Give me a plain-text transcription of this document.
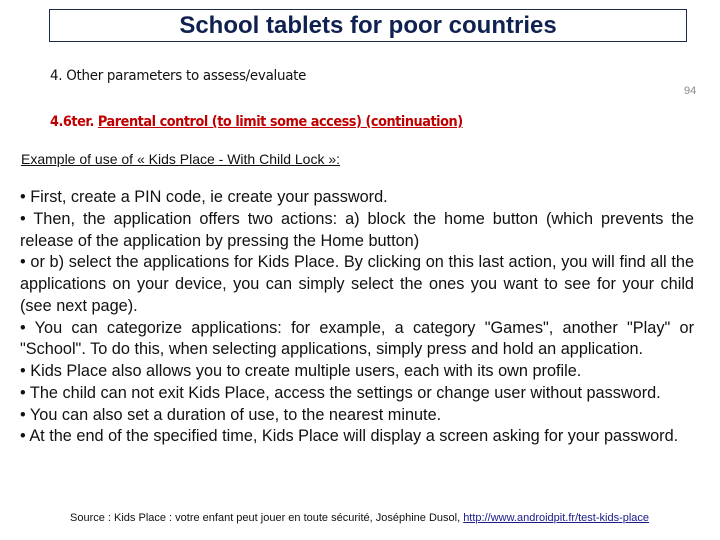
School tablets for poor countries
4. Other parameters to assess/evaluate
94
4.6ter. Parental control (to limit some access) (continuation)
Example of use of « Kids Place - With Child Lock »:

• First, create a PIN code, ie create your password.

• Then, the application offers two actions: a) block the home button (which prevents the release of the application by pressing the Home button)

• or b) select the applications for Kids Place. By clicking on this last action, you will find all the applications on your device, you can simply select the ones you want to see for your child (see next page).

• You can categorize applications: for example, a category "Games", another "Play" or "School". To do this, when selecting applications, simply press and hold an application.

• Kids Place also allows you to create multiple users, each with its own profile.

• The child can not exit Kids Place, access the settings or change user without password.

• You can also set a duration of use, to the nearest minute.

• At the end of the specified time, Kids Place will display a screen asking for your password.

Source : Kids Place : votre enfant peut jouer en toute sécurité, Joséphine Dusol, http://www.androidpit.fr/test-kids-place
